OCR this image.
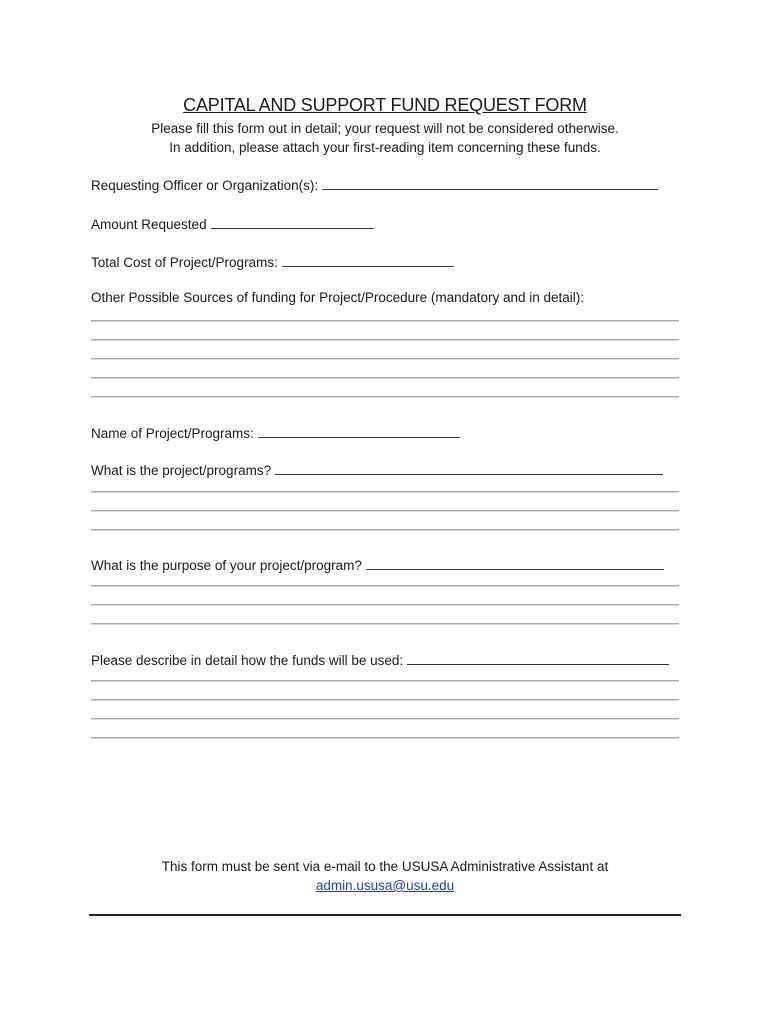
CAPITAL AND SUPPORT FUND REQUEST FORM
Please fill this form out in detail; your request will not be considered otherwise.
In addition, please attach your first-reading item concerning these funds.
Requesting Officer or Organization(s):
Amount Requested
Total Cost of Project/Programs:
Other Possible Sources of funding for Project/Procedure (mandatory and in detail):
Name of Project/Programs:
What is the project/programs?
What is the purpose of your project/program?
Please describe in detail how the funds will be used:
This form must be sent via e-mail to the USUSA Administrative Assistant at
admin.ususa@usu.edu
